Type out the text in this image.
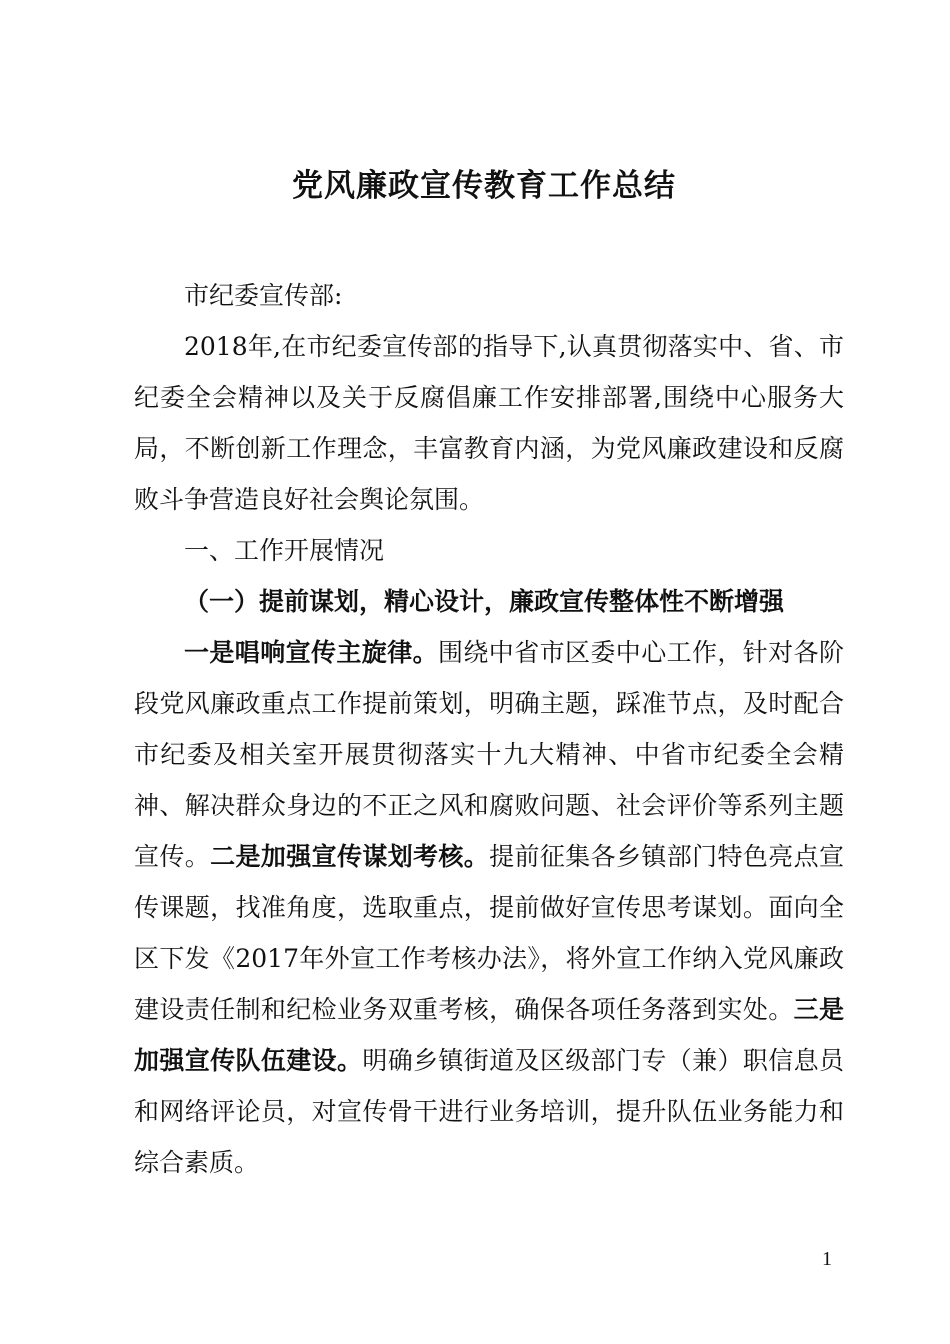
党风廉政宣传教育工作总结

市纪委宣传部:

2018年,在市纪委宣传部的指导下,认真贯彻落实中、省、市纪委全会精神以及关于反腐倡廉工作安排部署,围绕中心服务大局，不断创新工作理念，丰富教育内涵，为党风廉政建设和反腐败斗争营造良好社会舆论氛围。

一、工作开展情况

（一）提前谋划，精心设计，廉政宣传整体性不断增强

一是唱响宣传主旋律。围绕中省市区委中心工作，针对各阶段党风廉政重点工作提前策划，明确主题，踩准节点，及时配合市纪委及相关室开展贯彻落实十九大精神、中省市纪委全会精神、解决群众身边的不正之风和腐败问题、社会评价等系列主题宣传。二是加强宣传谋划考核。提前征集各乡镇部门特色亮点宣传课题，找准角度，选取重点，提前做好宣传思考谋划。面向全区下发《2017年外宣工作考核办法》，将外宣工作纳入党风廉政建设责任制和纪检业务双重考核，确保各项任务落到实处。三是加强宣传队伍建设。明确乡镇街道及区级部门专（兼）职信息员和网络评论员，对宣传骨干进行业务培训，提升队伍业务能力和综合素质。

1
